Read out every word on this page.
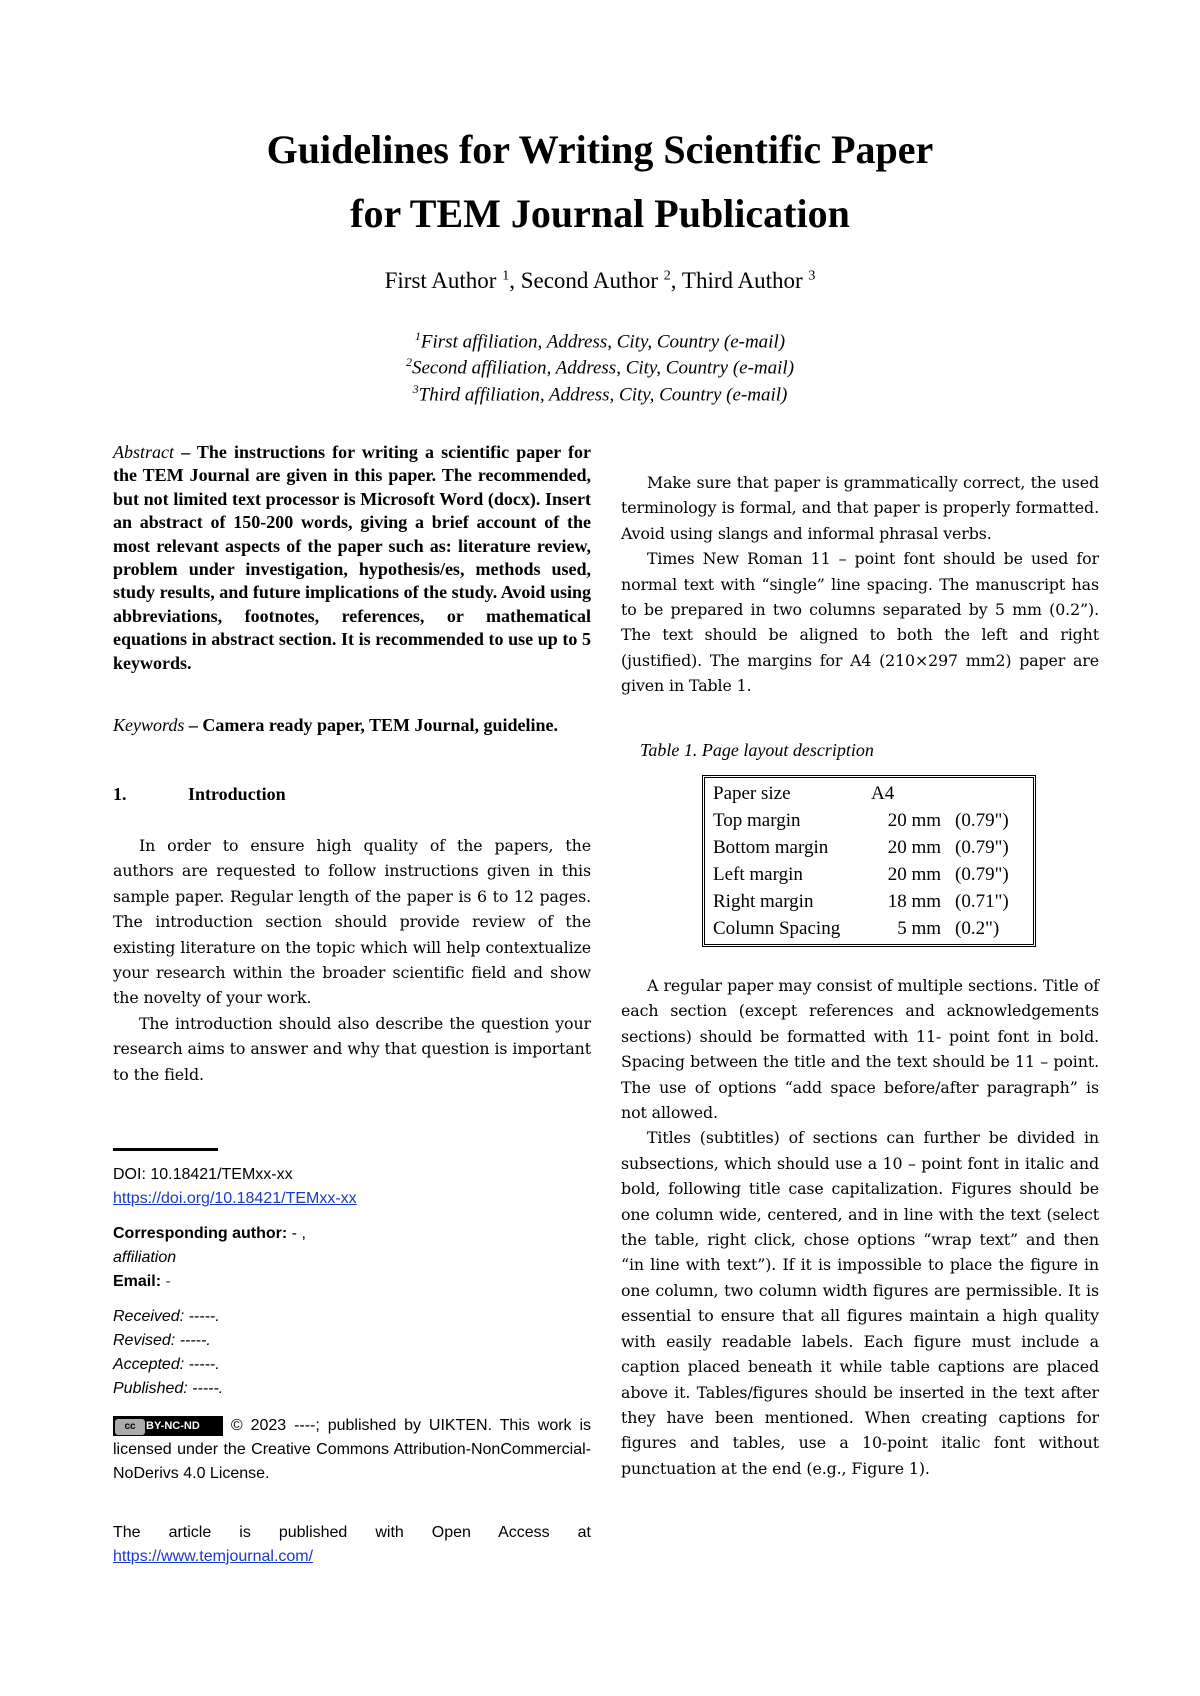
Guidelines for Writing Scientific Paper
for TEM Journal Publication
First Author $^1$, Second Author $^2$, Third Author $^3$
$^1$First affiliation, Address, City, Country (e-mail)
$^2$Second affiliation, Address, City, Country (e-mail)
$^3$Third affiliation, Address, City, Country (e-mail)
Abstract – The instructions for writing a scientific paper for the TEM Journal are given in this paper. The recommended, but not limited text processor is Microsoft Word (docx). Insert an abstract of 150-200 words, giving a brief account of the most relevant aspects of the paper such as: literature review, problem under investigation, hypothesis/es, methods used, study results, and future implications of the study. Avoid using abbreviations, footnotes, references, or mathematical equations in abstract section. It is recommended to use up to 5 keywords.
Keywords – Camera ready paper, TEM Journal, guideline.
1.	Introduction

In order to ensure high quality of the papers, the authors are requested to follow instructions given in this sample paper. Regular length of the paper is 6 to 12 pages. The introduction section should provide review of the existing literature on the topic which will help contextualize your research within the broader scientific field and show the novelty of your work.

The introduction should also describe the question your research aims to answer and why that question is important to the field.

DOI: 10.18421/TEMxx-xx
https://doi.org/10.18421/TEMxx-xx
Corresponding author: - ,
affiliation
Email: -
Received: -----.
Revised: -----.
Accepted: -----.
Published: -----.
cc BY-NC-ND © 2023 ----; published by UIKTEN. This work is licensed under the Creative Commons Attribution-NonCommercial-NoDerivs 4.0 License.
The article is published with Open Access at https://www.temjournal.com/

Make sure that paper is grammatically correct, the used terminology is formal, and that paper is properly formatted. Avoid using slangs and informal phrasal verbs.

Times New Roman 11 – point font should be used for normal text with “single” line spacing. The manuscript has to be prepared in two columns separated by 5 mm (0.2”). The text should be aligned to both the left and right (justified). The margins for A4 (210×297 mm2) paper are given in Table 1.

Table 1. Page layout description
Paper size	A4	
Top margin	20 mm	(0.79")
Bottom margin	20 mm	(0.79")
Left margin	20 mm	(0.79")
Right margin	18 mm	(0.71")
Column Spacing	5 mm	(0.2")

A regular paper may consist of multiple sections. Title of each section (except references and acknowledgements sections) should be formatted with 11- point font in bold. Spacing between the title and the text should be 11 – point. The use of options “add space before/after paragraph” is not allowed.

Titles (subtitles) of sections can further be divided in subsections, which should use a 10 – point font in italic and bold, following title case capitalization. Figures should be one column wide, centered, and in line with the text (select the table, right click, chose options “wrap text” and then “in line with text”). If it is impossible to place the figure in one column, two column width figures are permissible. It is essential to ensure that all figures maintain a high quality with easily readable labels. Each figure must include a caption placed beneath it while table captions are placed above it. Tables/figures should be inserted in the text after they have been mentioned. When creating captions for figures and tables, use a 10-point italic font without punctuation at the end (e.g., Figure 1).
